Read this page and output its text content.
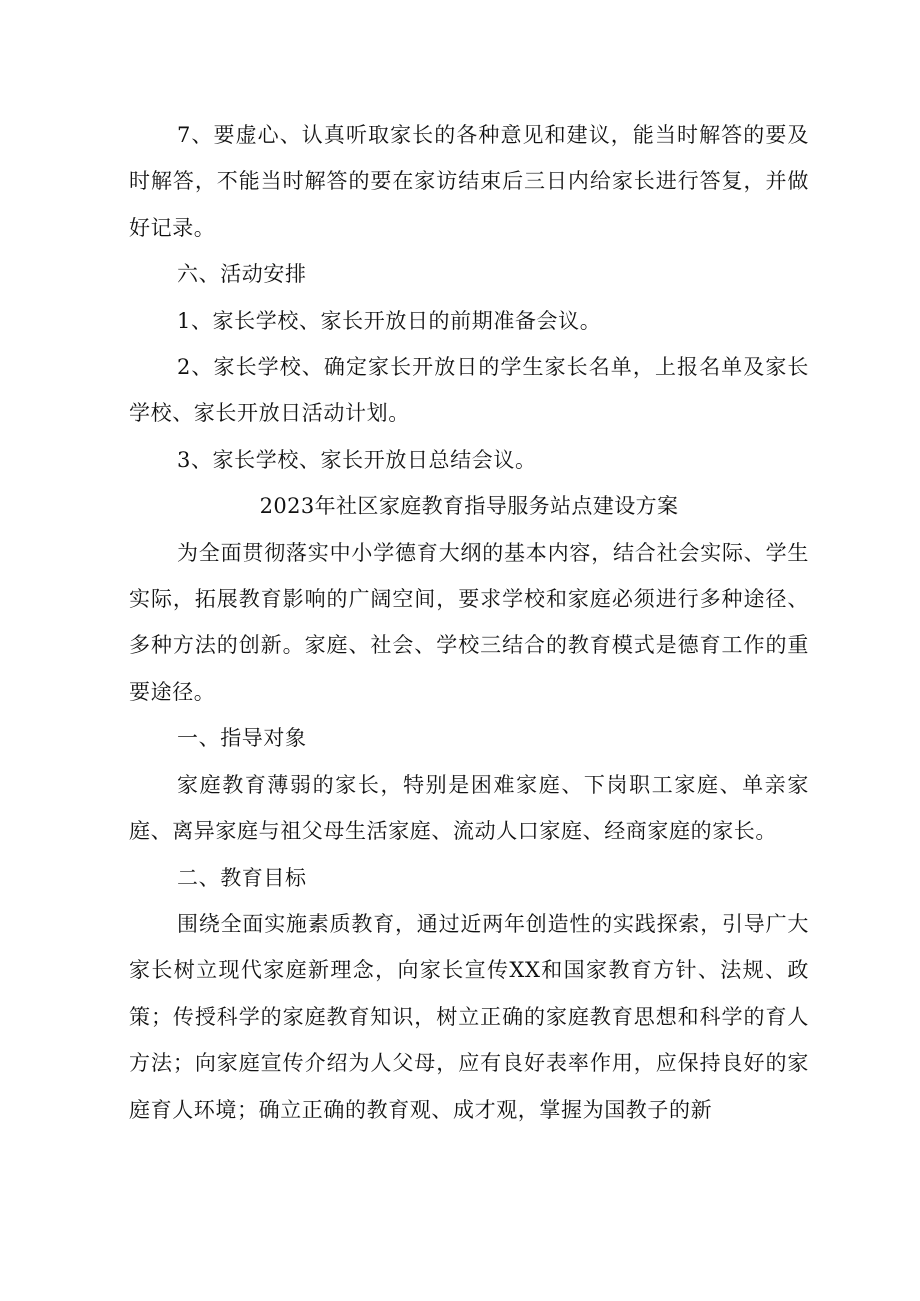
7、要虚心、认真听取家长的各种意见和建议，能当时解答的要及时解答，不能当时解答的要在家访结束后三日内给家长进行答复，并做好记录。

六、活动安排

1、家长学校、家长开放日的前期准备会议。

2、家长学校、确定家长开放日的学生家长名单，上报名单及家长学校、家长开放日活动计划。

3、家长学校、家长开放日总结会议。

2023年社区家庭教育指导服务站点建设方案

为全面贯彻落实中小学德育大纲的基本内容，结合社会实际、学生实际，拓展教育影响的广阔空间，要求学校和家庭必须进行多种途径、多种方法的创新。家庭、社会、学校三结合的教育模式是德育工作的重要途径。

一、指导对象

家庭教育薄弱的家长，特别是困难家庭、下岗职工家庭、单亲家庭、离异家庭与祖父母生活家庭、流动人口家庭、经商家庭的家长。

二、教育目标

围绕全面实施素质教育，通过近两年创造性的实践探索，引导广大家长树立现代家庭新理念，向家长宣传XX和国家教育方针、法规、政策；传授科学的家庭教育知识，树立正确的家庭教育思想和科学的育人方法；向家庭宣传介绍为人父母，应有良好表率作用，应保持良好的家庭育人环境；确立正确的教育观、成才观，掌握为国教子的新
